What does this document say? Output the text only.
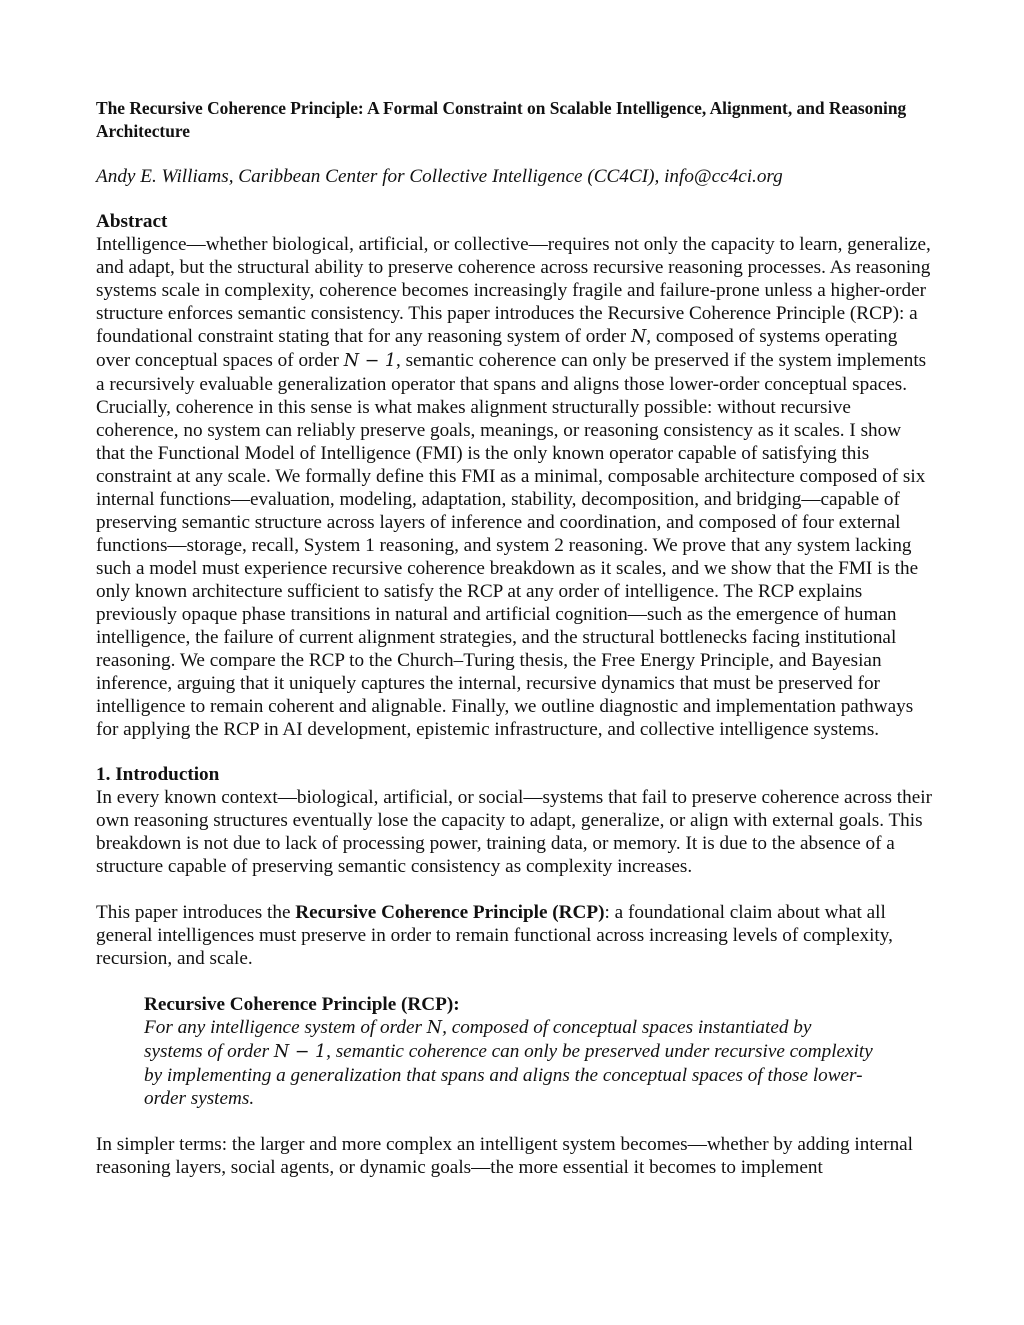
The Recursive Coherence Principle: A Formal Constraint on Scalable Intelligence, Alignment, and Reasoning Architecture

Andy E. Williams, Caribbean Center for Collective Intelligence (CC4CI), info@cc4ci.org

Abstract

Intelligence—whether biological, artificial, or collective—requires not only the capacity to learn, generalize, and adapt, but the structural ability to preserve coherence across recursive reasoning processes. As reasoning systems scale in complexity, coherence becomes increasingly fragile and failure-prone unless a higher-order structure enforces semantic consistency. This paper introduces the Recursive Coherence Principle (RCP): a foundational constraint stating that for any reasoning system of order N, composed of systems operating over conceptual spaces of order N − 1, semantic coherence can only be preserved if the system implements a recursively evaluable generalization operator that spans and aligns those lower-order conceptual spaces. Crucially, coherence in this sense is what makes alignment structurally possible: without recursive coherence, no system can reliably preserve goals, meanings, or reasoning consistency as it scales. I show that the Functional Model of Intelligence (FMI) is the only known operator capable of satisfying this constraint at any scale. We formally define this FMI as a minimal, composable architecture composed of six internal functions—evaluation, modeling, adaptation, stability, decomposition, and bridging—capable of preserving semantic structure across layers of inference and coordination, and composed of four external functions—storage, recall, System 1 reasoning, and system 2 reasoning. We prove that any system lacking such a model must experience recursive coherence breakdown as it scales, and we show that the FMI is the only known architecture sufficient to satisfy the RCP at any order of intelligence. The RCP explains previously opaque phase transitions in natural and artificial cognition—such as the emergence of human intelligence, the failure of current alignment strategies, and the structural bottlenecks facing institutional reasoning. We compare the RCP to the Church–Turing thesis, the Free Energy Principle, and Bayesian inference, arguing that it uniquely captures the internal, recursive dynamics that must be preserved for intelligence to remain coherent and alignable. Finally, we outline diagnostic and implementation pathways for applying the RCP in AI development, epistemic infrastructure, and collective intelligence systems.

1. Introduction

In every known context—biological, artificial, or social—systems that fail to preserve coherence across their own reasoning structures eventually lose the capacity to adapt, generalize, or align with external goals. This breakdown is not due to lack of processing power, training data, or memory. It is due to the absence of a structure capable of preserving semantic consistency as complexity increases.

This paper introduces the Recursive Coherence Principle (RCP): a foundational claim about what all general intelligences must preserve in order to remain functional across increasing levels of complexity, recursion, and scale.

Recursive Coherence Principle (RCP):

For any intelligence system of order N, composed of conceptual spaces instantiated by systems of order N − 1, semantic coherence can only be preserved under recursive complexity by implementing a generalization that spans and aligns the conceptual spaces of those lower-order systems.

In simpler terms: the larger and more complex an intelligent system becomes—whether by adding internal reasoning layers, social agents, or dynamic goals—the more essential it becomes to implement
